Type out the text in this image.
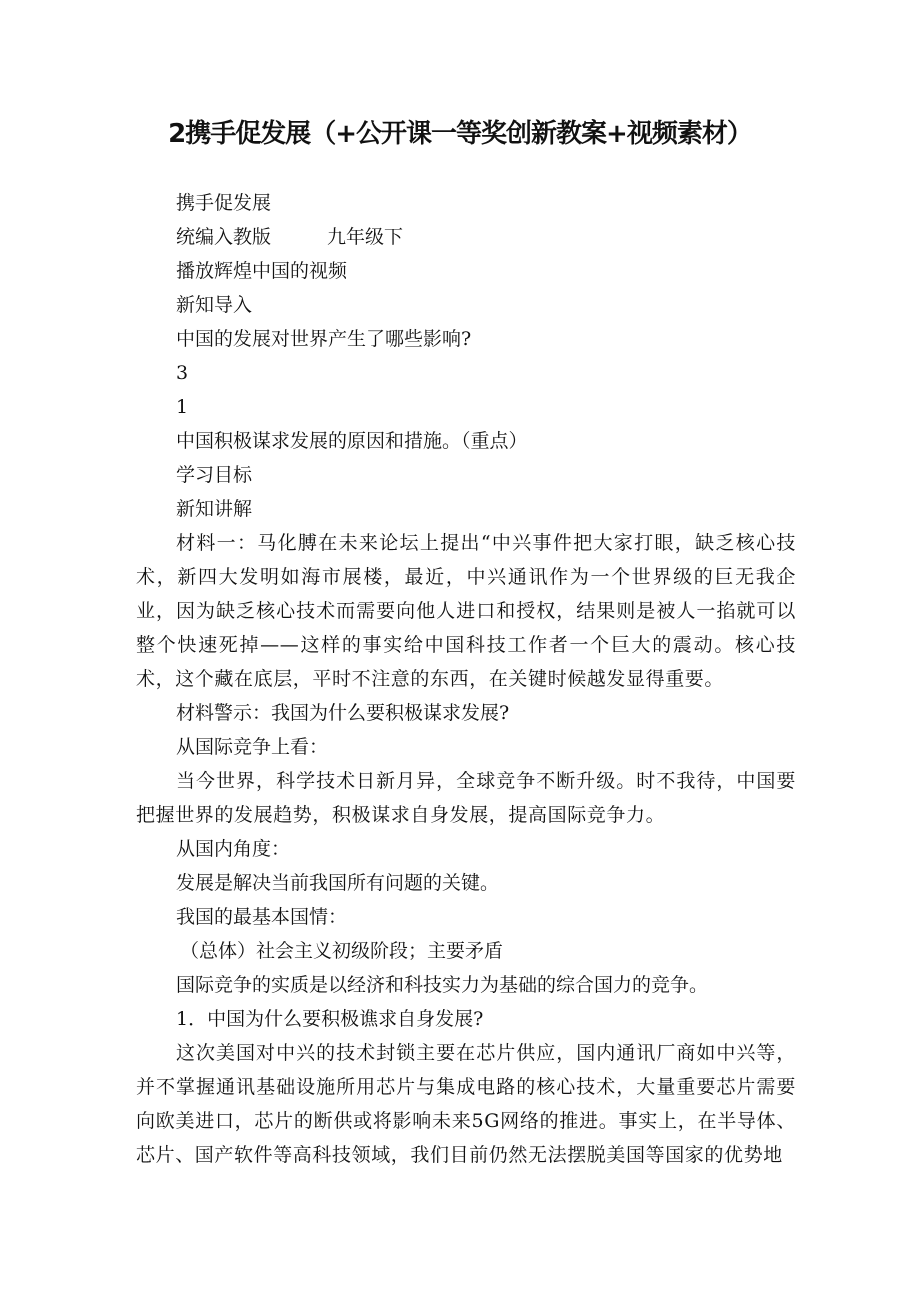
2携手促发展（+公开课一等奖创新教案+视频素材）
携手促发展
统编入教版	九年级下
播放辉煌中国的视频
新知导入
中国的发展对世界产生了哪些影响?
3
1
中国积极谋求发展的原因和措施。（重点）
学习目标
新知讲解
材料一：马化膊在未来论坛上提出“中兴事件把大家打眼，缺乏核心技术，新四大发明如海市展楼，最近，中兴通讯作为一个世界级的巨无我企业，因为缺乏核心技术而需要向他人进口和授权，结果则是被人一掐就可以整个快速死掉——这样的事实给中国科技工作者一个巨大的震动。核心技术，这个藏在底层，平时不注意的东西，在关键时候越发显得重要。
材料警示：我国为什么要积极谋求发展?
从国际竞争上看：
当今世界，科学技术日新月异，全球竞争不断升级。时不我待，中国要把握世界的发展趋势，积极谋求自身发展，提高国际竞争力。
从国内角度：
发展是解决当前我国所有问题的关键。
我国的最基本国情：
（总体）社会主义初级阶段；主要矛盾
国际竞争的实质是以经济和科技实力为基础的综合国力的竞争。
1．中国为什么要积极谯求自身发展?
这次美国对中兴的技术封锁主要在芯片供应，国内通讯厂商如中兴等，并不掌握通讯基础设施所用芯片与集成电路的核心技术，大量重要芯片需要向欧美进口，芯片的断供或将影响未来5G网络的推进。事实上，在半导体、芯片、国产软件等高科技领域，我们目前仍然无法摆脱美国等国家的优势地
